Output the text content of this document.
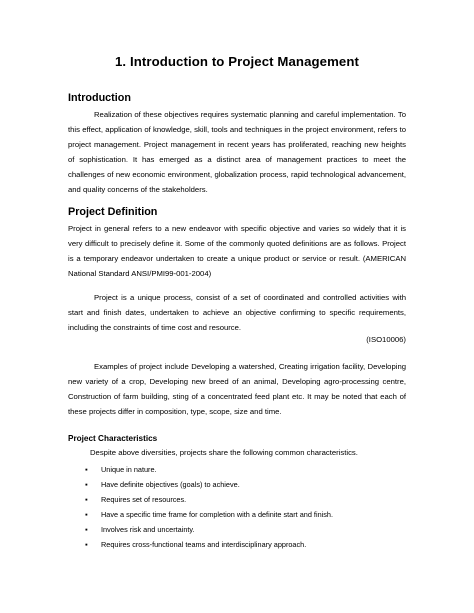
1. Introduction to Project Management
Introduction

Realization of these objectives requires systematic planning and careful implementation. To this effect, application of knowledge, skill, tools and techniques in the project environment, refers to project management. Project management in recent years has proliferated, reaching new heights of sophistication. It has emerged as a distinct area of management practices to meet the challenges of new economic environment, globalization process, rapid technological advancement, and quality concerns of the stakeholders.

Project Definition

Project in general refers to a new endeavor with specific objective and varies so widely that it is very difficult to precisely define it. Some of the commonly quoted definitions are as follows. Project is a temporary endeavor undertaken to create a unique product or service or result. (AMERICAN National Standard ANSI/PMI99-001-2004)

Project is a unique process, consist of a set of coordinated and controlled activities with start and finish dates, undertaken to achieve an objective confirming to specific requirements, including the constraints of time cost and resource.

(ISO10006)

Examples of project include Developing a watershed, Creating irrigation facility, Developing new variety of a crop, Developing new breed of an animal, Developing agro-processing centre, Construction of farm building, sting of a concentrated feed plant etc. It may be noted that each of these projects differ in composition, type, scope, size and time.

Project Characteristics
Despite above diversities, projects share the following common characteristics.
▪ Unique in nature.
▪ Have definite objectives (goals) to achieve.
▪ Requires set of resources.
▪ Have a specific time frame for completion with a definite start and finish.
▪ Involves risk and uncertainty.
▪ Requires cross-functional teams and interdisciplinary approach.
